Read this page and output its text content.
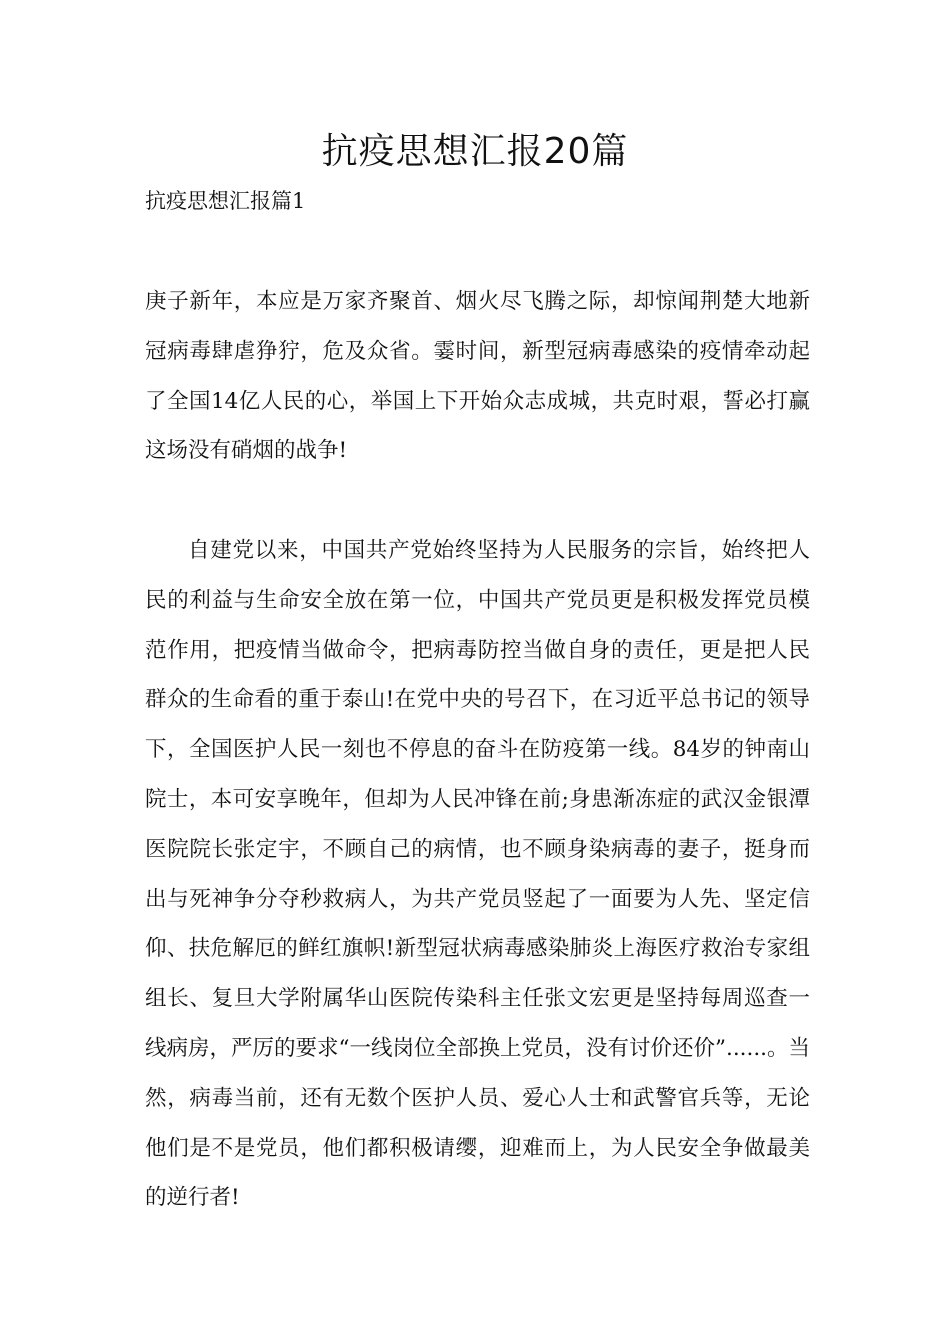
抗疫思想汇报20篇
抗疫思想汇报篇1

庚子新年，本应是万家齐聚首、烟火尽飞腾之际，却惊闻荆楚大地新冠病毒肆虐狰狞，危及众省。霎时间，新型冠病毒感染的疫情牵动起了全国14亿人民的心，举国上下开始众志成城，共克时艰，誓必打赢这场没有硝烟的战争!

自建党以来，中国共产党始终坚持为人民服务的宗旨，始终把人民的利益与生命安全放在第一位，中国共产党员更是积极发挥党员模范作用，把疫情当做命令，把病毒防控当做自身的责任，更是把人民群众的生命看的重于泰山!在党中央的号召下，在习近平总书记的领导下，全国医护人民一刻也不停息的奋斗在防疫第一线。84岁的钟南山院士，本可安享晚年，但却为人民冲锋在前;身患渐冻症的武汉金银潭医院院长张定宇，不顾自己的病情，也不顾身染病毒的妻子，挺身而出与死神争分夺秒救病人，为共产党员竖起了一面要为人先、坚定信仰、扶危解厄的鲜红旗帜!新型冠状病毒感染肺炎上海医疗救治专家组组长、复旦大学附属华山医院传染科主任张文宏更是坚持每周巡查一线病房，严厉的要求“一线岗位全部换上党员，没有讨价还价”......。当然，病毒当前，还有无数个医护人员、爱心人士和武警官兵等，无论他们是不是党员，他们都积极请缨，迎难而上，为人民安全争做最美的逆行者!
